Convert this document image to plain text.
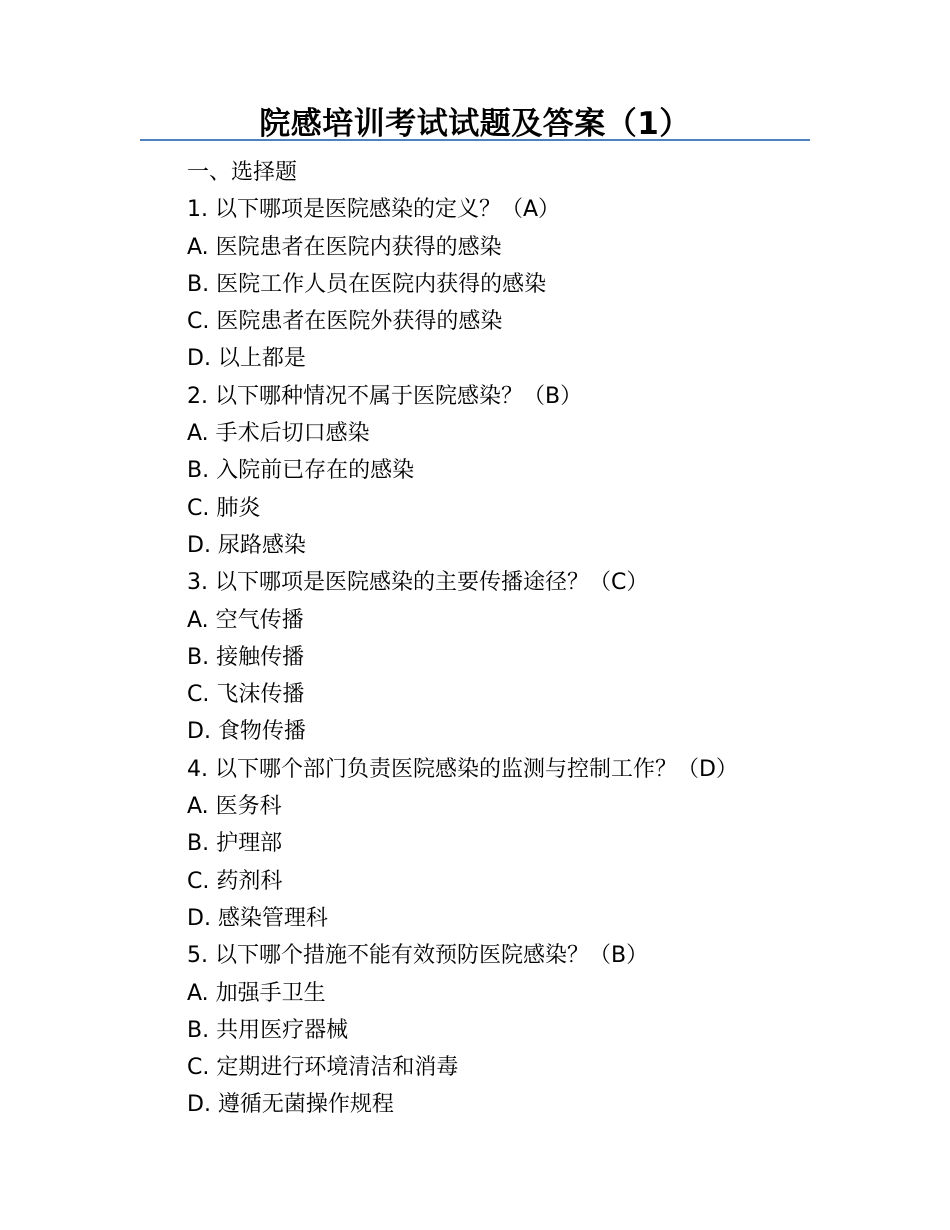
院感培训考试试题及答案（1）
一、选择题
1. 以下哪项是医院感染的定义？（A）
A. 医院患者在医院内获得的感染
B. 医院工作人员在医院内获得的感染
C. 医院患者在医院外获得的感染
D. 以上都是
2. 以下哪种情况不属于医院感染？（B）
A. 手术后切口感染
B. 入院前已存在的感染
C. 肺炎
D. 尿路感染
3. 以下哪项是医院感染的主要传播途径？（C）
A. 空气传播
B. 接触传播
C. 飞沫传播
D. 食物传播
4. 以下哪个部门负责医院感染的监测与控制工作？（D）
A. 医务科
B. 护理部
C. 药剂科
D. 感染管理科
5. 以下哪个措施不能有效预防医院感染？（B）
A. 加强手卫生
B. 共用医疗器械
C. 定期进行环境清洁和消毒
D. 遵循无菌操作规程
